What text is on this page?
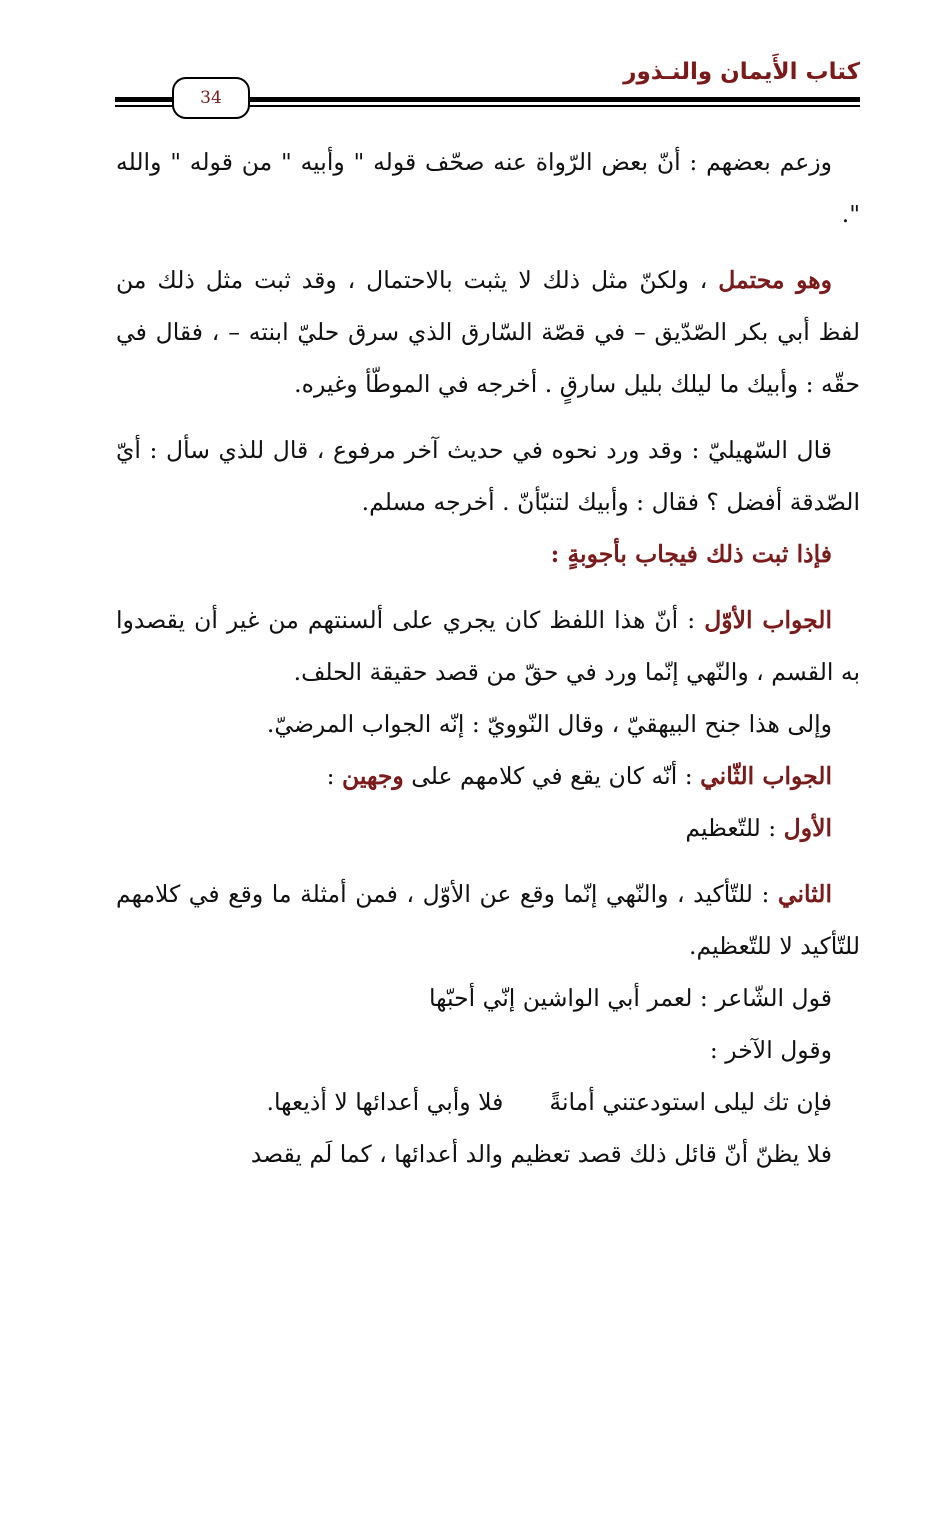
كتاب الأَيمان والنـذور
34

وزعم بعضهم : أنّ بعض الرّواة عنه صحّف قوله " وأبيه " من قوله " والله ".

وهو محتمل ، ولكنّ مثل ذلك لا يثبت بالاحتمال ، وقد ثبت مثل ذلك من لفظ أبي بكر الصّدّيق – في قصّة السّارق الذي سرق حليّ ابنته – ، فقال في حقّه : وأبيك ما ليلك بليل سارقٍ . أخرجه في الموطّأ وغيره.

قال السّهيليّ : وقد ورد نحوه في حديث آخر مرفوع ، قال للذي سأل : أيّ الصّدقة أفضل ؟ فقال : وأبيك لتنبّأنّ . أخرجه مسلم.

فإذا ثبت ذلك فيجاب بأجوبةٍ :

الجواب الأوّل : أنّ هذا اللفظ كان يجري على ألسنتهم من غير أن يقصدوا به القسم ، والنّهي إنّما ورد في حقّ من قصد حقيقة الحلف.

وإلى هذا جنح البيهقيّ ، وقال النّوويّ : إنّه الجواب المرضيّ.

الجواب الثّاني : أنّه كان يقع في كلامهم على وجهين :

الأول : للتّعظيم

الثاني : للتّأكيد ، والنّهي إنّما وقع عن الأوّل ، فمن أمثلة ما وقع في كلامهم للتّأكيد لا للتّعظيم.

قول الشّاعر : لعمر أبي الواشين إنّي أحبّها

وقول الآخر :

فإن تك ليلى استودعتني أمانةً
فلا وأبي أعدائها لا أذيعها.

فلا يظنّ أنّ قائل ذلك قصد تعظيم والد أعدائها ، كما لَم يقصد
